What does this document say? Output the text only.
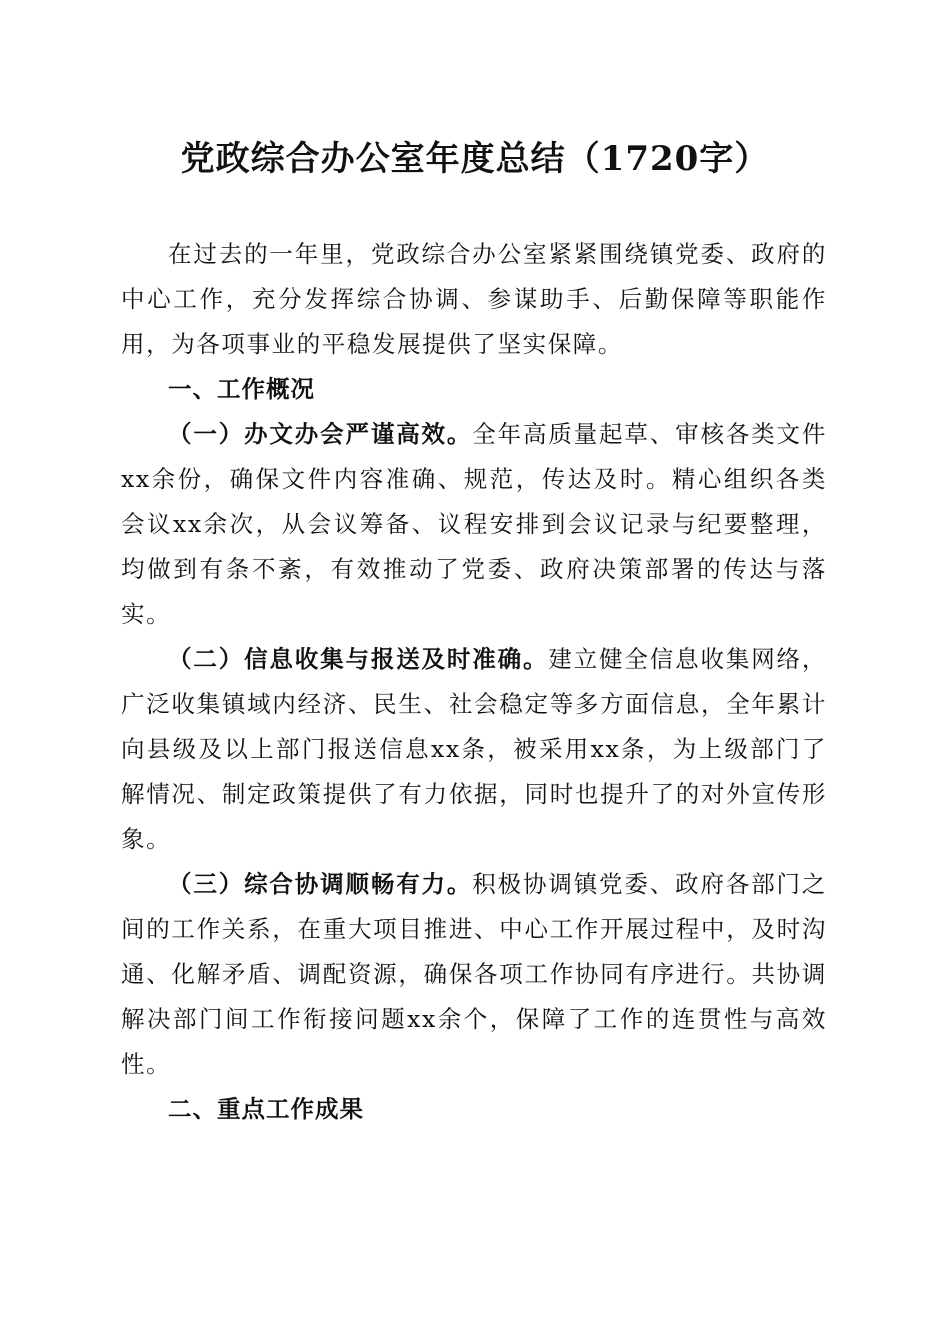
党政综合办公室年度总结（1720字）

在过去的一年里，党政综合办公室紧紧围绕镇党委、政府的中心工作，充分发挥综合协调、参谋助手、后勤保障等职能作用，为各项事业的平稳发展提供了坚实保障。

一、工作概况

（一）办文办会严谨高效。全年高质量起草、审核各类文件xx余份，确保文件内容准确、规范，传达及时。精心组织各类会议xx余次，从会议筹备、议程安排到会议记录与纪要整理，均做到有条不紊，有效推动了党委、政府决策部署的传达与落实。

（二）信息收集与报送及时准确。建立健全信息收集网络，广泛收集镇域内经济、民生、社会稳定等多方面信息，全年累计向县级及以上部门报送信息xx条，被采用xx条，为上级部门了解情况、制定政策提供了有力依据，同时也提升了的对外宣传形象。

（三）综合协调顺畅有力。积极协调镇党委、政府各部门之间的工作关系，在重大项目推进、中心工作开展过程中，及时沟通、化解矛盾、调配资源，确保各项工作协同有序进行。共协调解决部门间工作衔接问题xx余个，保障了工作的连贯性与高效性。

二、重点工作成果
